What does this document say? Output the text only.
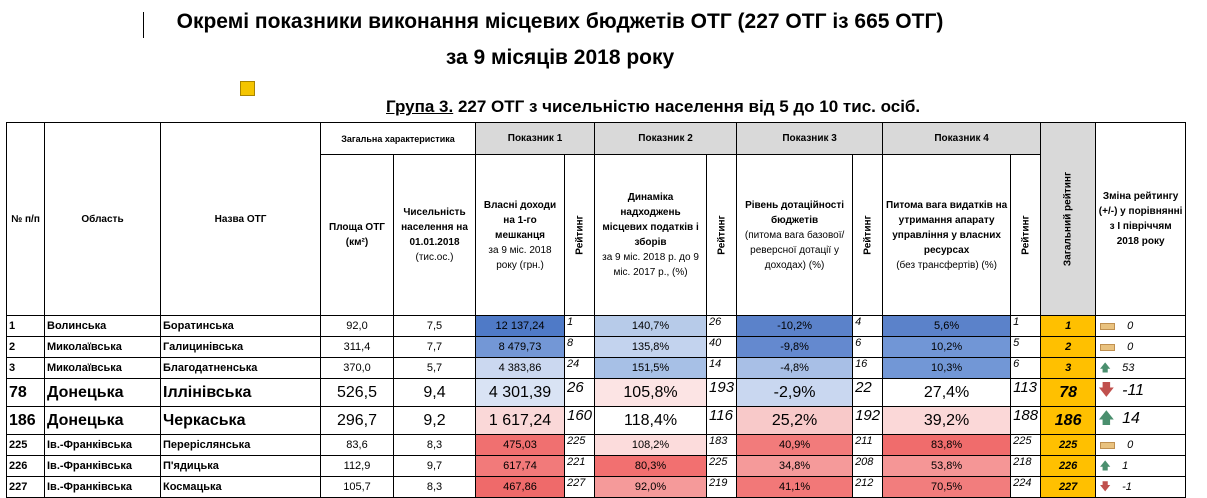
Окремі показники виконання місцевих бюджетів ОТГ (227 ОТГ із 665 ОТГ)
за 9 місяців 2018 року
Група 3. 227 ОТГ з чисельністю населення від 5 до 10 тис. осіб.
№ п/п	Область	Назва ОТГ	Загальна характеристика		Показник 1		Показник 2		Показник 3		Показник 4		Загальний рейтинг	Зміна рейтингу (+/-) у порівнянні з І півріччям 2018 року
			Площа ОТГ (км²)	Чисельність населення на 01.01.2018
(тис.ос.)	Власні доходи на 1-го мешканця
за 9 міс. 2018 року (грн.)	Рейтинг	Динаміка надходжень місцевих податків і зборів
за 9 міс. 2018 р. до 9 міс. 2017 р., (%)	Рейтинг	Рівень дотаційності бюджетів
(питома вага базової/ реверсної дотації у доходах) (%)	Рейтинг	Питома вага видатків на утримання апарату управління у власних ресурсах
(без трансфертів) (%)	Рейтинг		

1	Волинська	Боратинська	92,0	7,5	12 137,24	1	140,7%	26	-10,2%	4	5,6%	1	1	0
2	Миколаївська	Галицинівська	311,4	7,7	8 479,73	8	135,8%	40	-9,8%	6	10,2%	5	2	0
3	Миколаївська	Благодатненська	370,0	5,7	4 383,86	24	151,5%	14	-4,8%	16	10,3%	6	3	🡅 53
78	Донецька	Іллінівська	526,5	9,4	4 301,39	26	105,8%	193	-2,9%	22	27,4%	113	78	🡇 -11
186	Донецька	Черкаська	296,7	9,2	1 617,24	160	118,4%	116	25,2%	192	39,2%	188	186	🡅 14
225	Ів.-Франківська	Переріслянська	83,6	8,3	475,03	225	108,2%	183	40,9%	211	83,8%	225	225	0
226	Ів.-Франківська	П'ядицька	112,9	9,7	617,74	221	80,3%	225	34,8%	208	53,8%	218	226	🡅 1
227	Ів.-Франківська	Космацька	105,7	8,3	467,86	227	92,0%	219	41,1%	212	70,5%	224	227	🡇 -1
